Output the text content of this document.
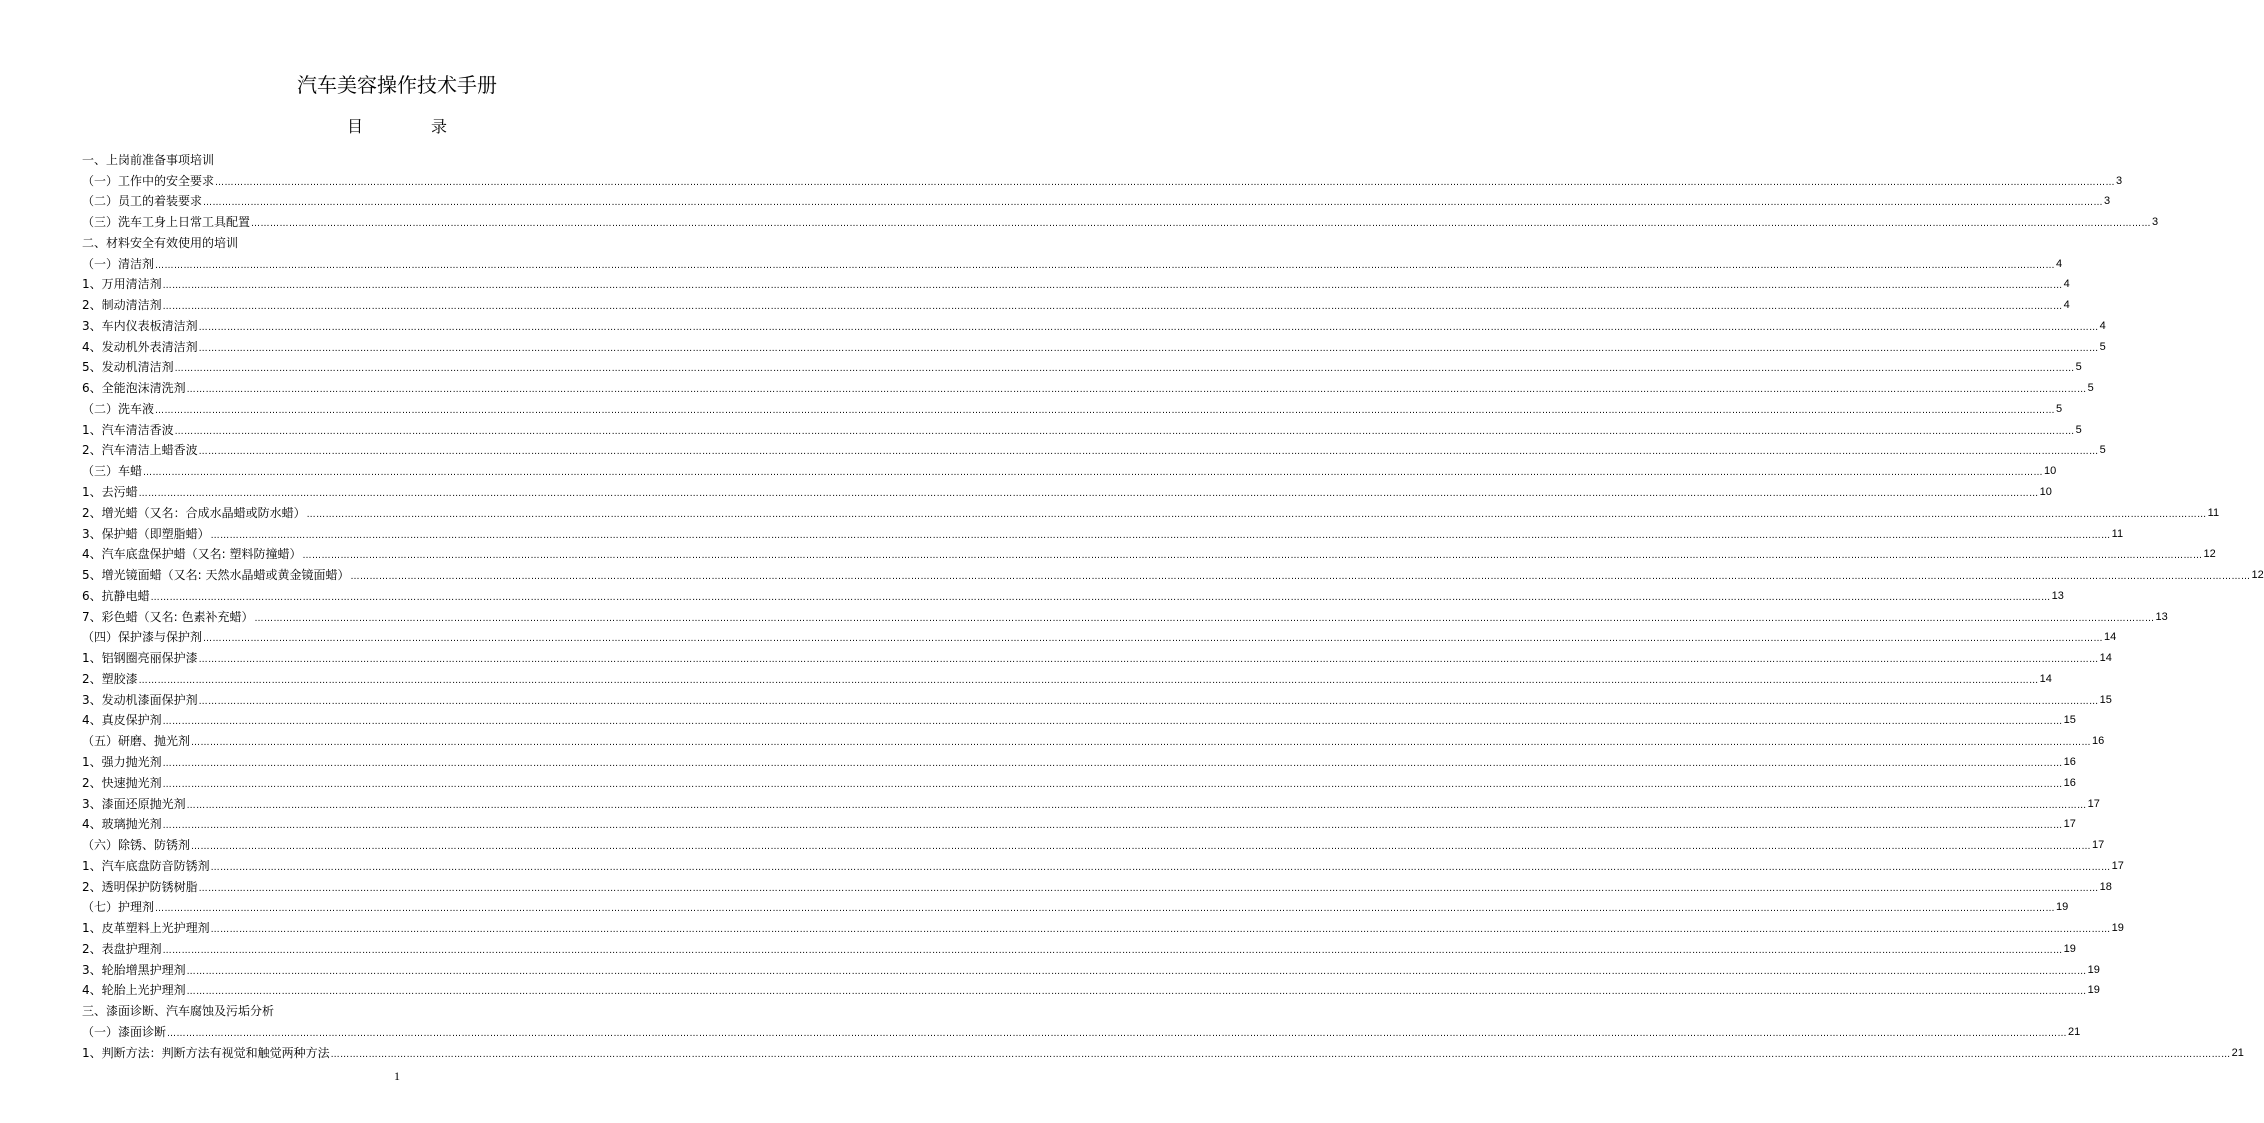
汽车美容操作技术手册
目	录
一、上岗前准备事项培训
（一）工作中的安全要求 …………………………………………………………………………………………………………………………………………………………………………………………………………………………………………………………………………………………………………………………………………………………………………………………………………………………………………………………………………………………………………………………………………………… 3
（二）员工的着装要求 …………………………………………………………………………………………………………………………………………………………………………………………………………………………………………………………………………………………………………………………………………………………………………………………………………………………………………………………………………………………………………………………………………………… 3
（三）洗车工身上日常工具配置 …………………………………………………………………………………………………………………………………………………………………………………………………………………………………………………………………………………………………………………………………………………………………………………………………………………………………………………………………………………………………………………………………………………… 3
二、材料安全有效使用的培训
（一）清洁剂 …………………………………………………………………………………………………………………………………………………………………………………………………………………………………………………………………………………………………………………………………………………………………………………………………………………………………………………………………………………………………………………………………………………… 4
1、万用清洁剂 …………………………………………………………………………………………………………………………………………………………………………………………………………………………………………………………………………………………………………………………………………………………………………………………………………………………………………………………………………………………………………………………………………………… 4
2、制动清洁剂 …………………………………………………………………………………………………………………………………………………………………………………………………………………………………………………………………………………………………………………………………………………………………………………………………………………………………………………………………………………………………………………………………………………… 4
3、车内仪表板清洁剂 …………………………………………………………………………………………………………………………………………………………………………………………………………………………………………………………………………………………………………………………………………………………………………………………………………………………………………………………………………………………………………………………………………………… 4
4、发动机外表清洁剂 …………………………………………………………………………………………………………………………………………………………………………………………………………………………………………………………………………………………………………………………………………………………………………………………………………………………………………………………………………………………………………………………………………………… 5
5、发动机清洁剂 …………………………………………………………………………………………………………………………………………………………………………………………………………………………………………………………………………………………………………………………………………………………………………………………………………………………………………………………………………………………………………………………………………………… 5
6、全能泡沫清洗剂 …………………………………………………………………………………………………………………………………………………………………………………………………………………………………………………………………………………………………………………………………………………………………………………………………………………………………………………………………………………………………………………………………………………… 5
（二）洗车液 …………………………………………………………………………………………………………………………………………………………………………………………………………………………………………………………………………………………………………………………………………………………………………………………………………………………………………………………………………………………………………………………………………………… 5
1、汽车清洁香波 …………………………………………………………………………………………………………………………………………………………………………………………………………………………………………………………………………………………………………………………………………………………………………………………………………………………………………………………………………………………………………………………………………………… 5
2、汽车清洁上蜡香波 …………………………………………………………………………………………………………………………………………………………………………………………………………………………………………………………………………………………………………………………………………………………………………………………………………………………………………………………………………………………………………………………………………………… 5
（三）车蜡 …………………………………………………………………………………………………………………………………………………………………………………………………………………………………………………………………………………………………………………………………………………………………………………………………………………………………………………………………………………………………………………………………………………… 10
1、去污蜡 …………………………………………………………………………………………………………………………………………………………………………………………………………………………………………………………………………………………………………………………………………………………………………………………………………………………………………………………………………………………………………………………………………………… 10
2、增光蜡（又名：合成水晶蜡或防水蜡） …………………………………………………………………………………………………………………………………………………………………………………………………………………………………………………………………………………………………………………………………………………………………………………………………………………………………………………………………………………………………………………………………………………… 11
3、保护蜡（即塑脂蜡） …………………………………………………………………………………………………………………………………………………………………………………………………………………………………………………………………………………………………………………………………………………………………………………………………………………………………………………………………………………………………………………………………………………… 11
4、汽车底盘保护蜡（又名: 塑料防撞蜡） …………………………………………………………………………………………………………………………………………………………………………………………………………………………………………………………………………………………………………………………………………………………………………………………………………………………………………………………………………………………………………………………………………………… 12
5、增光镜面蜡（又名: 天然水晶蜡或黄金镜面蜡） …………………………………………………………………………………………………………………………………………………………………………………………………………………………………………………………………………………………………………………………………………………………………………………………………………………………………………………………………………………………………………………………………………………… 12
6、抗静电蜡 …………………………………………………………………………………………………………………………………………………………………………………………………………………………………………………………………………………………………………………………………………………………………………………………………………………………………………………………………………………………………………………………………………………… 13
7、彩色蜡（又名: 色素补充蜡） …………………………………………………………………………………………………………………………………………………………………………………………………………………………………………………………………………………………………………………………………………………………………………………………………………………………………………………………………………………………………………………………………………………… 13
（四）保护漆与保护剂 …………………………………………………………………………………………………………………………………………………………………………………………………………………………………………………………………………………………………………………………………………………………………………………………………………………………………………………………………………………………………………………………………………………… 14
1、铝钢圈亮丽保护漆 …………………………………………………………………………………………………………………………………………………………………………………………………………………………………………………………………………………………………………………………………………………………………………………………………………………………………………………………………………………………………………………………………………………… 14
2、塑胶漆 …………………………………………………………………………………………………………………………………………………………………………………………………………………………………………………………………………………………………………………………………………………………………………………………………………………………………………………………………………………………………………………………………………………… 14
3、发动机漆面保护剂 …………………………………………………………………………………………………………………………………………………………………………………………………………………………………………………………………………………………………………………………………………………………………………………………………………………………………………………………………………………………………………………………………………………… 15
4、真皮保护剂 …………………………………………………………………………………………………………………………………………………………………………………………………………………………………………………………………………………………………………………………………………………………………………………………………………………………………………………………………………………………………………………………………………………… 15
（五）研磨、抛光剂 …………………………………………………………………………………………………………………………………………………………………………………………………………………………………………………………………………………………………………………………………………………………………………………………………………………………………………………………………………………………………………………………………………………… 16
1、强力抛光剂 …………………………………………………………………………………………………………………………………………………………………………………………………………………………………………………………………………………………………………………………………………………………………………………………………………………………………………………………………………………………………………………………………………………… 16
2、快速抛光剂 …………………………………………………………………………………………………………………………………………………………………………………………………………………………………………………………………………………………………………………………………………………………………………………………………………………………………………………………………………………………………………………………………………………… 16
3、漆面还原抛光剂 …………………………………………………………………………………………………………………………………………………………………………………………………………………………………………………………………………………………………………………………………………………………………………………………………………………………………………………………………………………………………………………………………………………… 17
4、玻璃抛光剂 …………………………………………………………………………………………………………………………………………………………………………………………………………………………………………………………………………………………………………………………………………………………………………………………………………………………………………………………………………………………………………………………………………………… 17
（六）除锈、防锈剂 …………………………………………………………………………………………………………………………………………………………………………………………………………………………………………………………………………………………………………………………………………………………………………………………………………………………………………………………………………………………………………………………………………………… 17
1、汽车底盘防音防锈剂 …………………………………………………………………………………………………………………………………………………………………………………………………………………………………………………………………………………………………………………………………………………………………………………………………………………………………………………………………………………………………………………………………………………… 17
2、透明保护防锈树脂 …………………………………………………………………………………………………………………………………………………………………………………………………………………………………………………………………………………………………………………………………………………………………………………………………………………………………………………………………………………………………………………………………………………… 18
（七）护理剂 …………………………………………………………………………………………………………………………………………………………………………………………………………………………………………………………………………………………………………………………………………………………………………………………………………………………………………………………………………………………………………………………………………………… 19
1、皮革塑料上光护理剂 …………………………………………………………………………………………………………………………………………………………………………………………………………………………………………………………………………………………………………………………………………………………………………………………………………………………………………………………………………………………………………………………………………………… 19
2、表盘护理剂 …………………………………………………………………………………………………………………………………………………………………………………………………………………………………………………………………………………………………………………………………………………………………………………………………………………………………………………………………………………………………………………………………………………… 19
3、轮胎增黑护理剂 …………………………………………………………………………………………………………………………………………………………………………………………………………………………………………………………………………………………………………………………………………………………………………………………………………………………………………………………………………………………………………………………………………………… 19
4、轮胎上光护理剂 …………………………………………………………………………………………………………………………………………………………………………………………………………………………………………………………………………………………………………………………………………………………………………………………………………………………………………………………………………………………………………………………………………………… 19
三、漆面诊断、汽车腐蚀及污垢分析
（一）漆面诊断 …………………………………………………………………………………………………………………………………………………………………………………………………………………………………………………………………………………………………………………………………………………………………………………………………………………………………………………………………………………………………………………………………………………… 21
1、判断方法：判断方法有视觉和触觉两种方法 …………………………………………………………………………………………………………………………………………………………………………………………………………………………………………………………………………………………………………………………………………………………………………………………………………………………………………………………………………………………………………………………………………………… 21
1
